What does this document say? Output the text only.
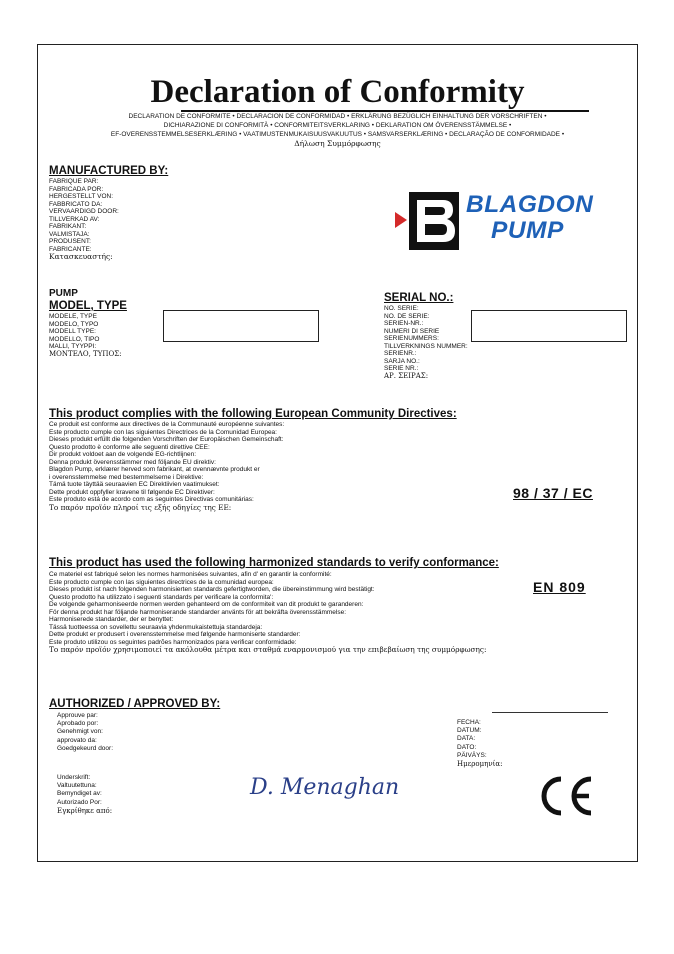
Declaration of Conformity
DECLARATION DE CONFORMITE • DECLARACION DE CONFORMIDAD • ERKLÄRUNG BEZÜGLICH EINHALTUNG DER VORSCHRIFTEN •
DICHIARAZIONE DI CONFORMITÀ • CONFORMITEITSVERKLARING • DEKLARATION OM ÖVERENSSTÄMMELSE •
EF-OVERENSSTEMMELSESERKLÆRING • VAATIMUSTENMUKAISUUSVAKUUTUS • SAMSVARSERKLÆRING • DECLARAÇÃO DE CONFORMIDADE •
Δήλωση Συμμόρφωσης
MANUFACTURED BY:
FABRIQUE PAR:
FABRICADA POR:
HERGESTELLT VON:
FABBRICATO DA:
VERVAARDIGD DOOR:
TILLVERKAD AV:
FABRIKANT:
VALMISTAJA:
PRODUSENT:
FABRICANTE:
Κατασκευαστής:
BLAGDON
PUMP
PUMP
MODEL, TYPE
MODELE, TYPE
MODELO, TYPO
MODELL TYPE:
MODELLO, TIPO
MALLI, TYYPPI:
ΜΟΝΤΕΛΟ, ΤΥΠΟΣ:
SERIAL NO.:
NO. SERIE:
NO. DE SERIE:
SERIEN-NR.:
NUMERI DI SERIE
SERIENUMMERS:
TILLVERKNINGS NUMMER:
SERIENR.:
SARJA NO.:
SERIE NR.:
ΑΡ. ΣΕΙΡΑΣ:
This product complies with the following European Community Directives:
Ce produit est conforme aux directives de la Communauté européenne suivantes:
Este producto cumple con las siguientes Directrices de la Comunidad Europea:
Dieses produkt erfüllt die folgenden Vorschriften der Europäischen Gemeinschaft:
Questo prodotto è conforme alle seguenti direttive CEE:
Dir produkt voldoet aan de volgende EG-richtlijnen:
Denna produkt överensstämmer med följande EU direktiv:
Blagdon Pump, erklærer herved som fabrikant, at ovennævnte produkt er
i overensstemmelse med bestemmelserne i Direktive:
Tämä tuote täyttää seuraavien EC Direktiivien vaatimukset:
Dette produkt oppfyller kravene til følgende EC Direktiver:
Este produto está de acordo com as seguintes Directivas comunitárias:
Το παρόν προϊόν πληροί τις εξής οδηγίες της ΕΕ:
98 / 37 / EC
This product has used the following harmonized standards to verify conformance:
Ce materiel est fabriqué selon les normes harmonisées suivantes, afin d' en garantir la conformité:
Este producto cumple con las siguientes directrices de la comunidad europea:
Dieses produkt ist nach folgenden harmonisierten standards gefertigtworden, die übereinstimmung wird bestätigt:
Questo prodotto ha utilizzato i seguenti standards per verificare la conformita':
De volgende geharmoniseerde normen werden gehanteerd om de conformiteit van dit produkt te garanderen:
För denna produkt har följande harmoniserande standarder använts för att bekräfta överensstämmelse:
Harmoniserede standarder, der er benyttet:
Tässä tuotteessa on sovellettu seuraavia yhdenmukaistettuja standardeja:
Dette produkt er produsert i overensstemmelse med følgende harmoniserte standarder:
Este produto utilizou os seguintes padrões harmonizados para verificar conformidade:
Το παρόν προϊόν χρησιμοποιεί τα ακόλουθα μέτρα και σταθμά εναρμονισμού για την επιβεβαίωση της συμμόρφωσης:
EN 809
AUTHORIZED / APPROVED BY:
Approuve par:
Aprobado por:
Genehmigt von:
approvato da:
Goedgekeurd door:
Underskrift:
Valtuutettuna:
Bemyndiget av:
Autorizado Por:
Εγκρίθηκε από:
FECHA:
DATUM:
DATA:
DATO:
PÄIVÄYS:
Ημερομηνία:
D. Menaghan
